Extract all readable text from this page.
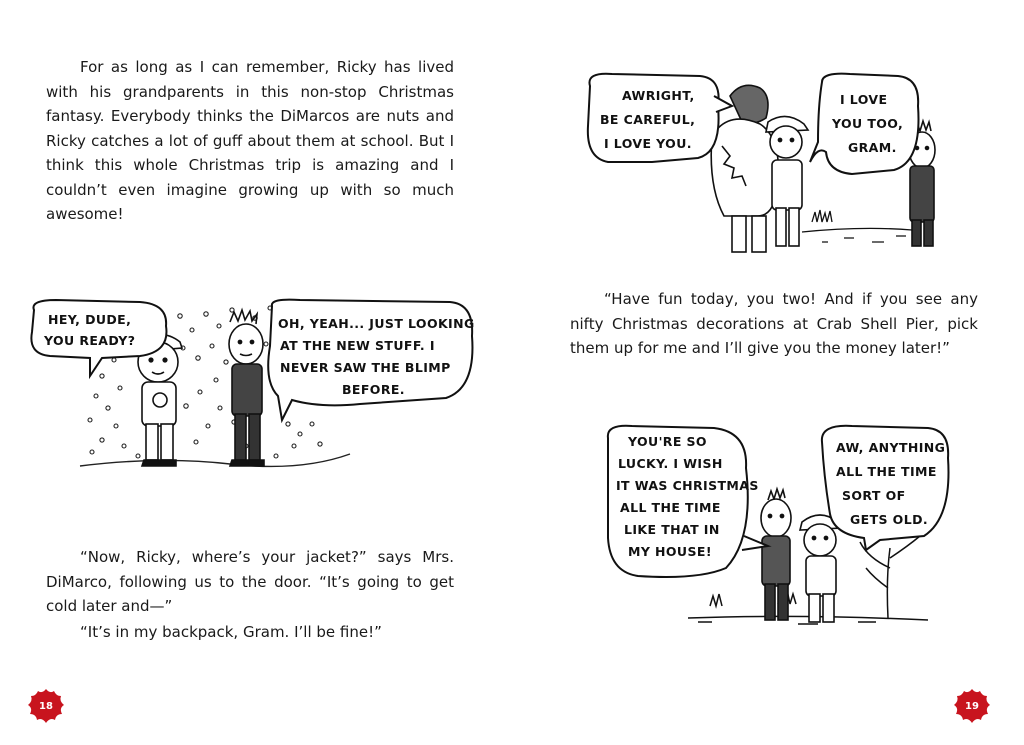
For as long as I can remember, Ricky has lived with his grandparents in this non-stop Christmas fantasy. Everybody thinks the DiMarcos are nuts and Ricky catches a lot of guff about them at school. But I think this whole Christmas trip is amazing and I couldn’t even imagine growing up with so much awesome!

HEY, DUDE,
YOU READY?
OH, YEAH... JUST LOOKING
AT THE NEW STUFF. I
NEVER SAW THE BLIMP
BEFORE.

“Now, Ricky, where’s your jacket?” says Mrs. DiMarco, following us to the door. “It’s going to get cold later and—”

“It’s in my backpack, Gram. I’ll be fine!”

18
AWRIGHT,
BE CAREFUL,
I LOVE YOU.
I LOVE
YOU TOO,
GRAM.

“Have fun today, you two! And if you see any nifty Christmas decorations at Crab Shell Pier, pick them up for me and I’ll give you the money later!”

YOU'RE SO
LUCKY. I WISH
IT WAS CHRISTMAS
ALL THE TIME
LIKE THAT IN
MY HOUSE!
AW, ANYTHING
ALL THE TIME
SORT OF
GETS OLD.
19
